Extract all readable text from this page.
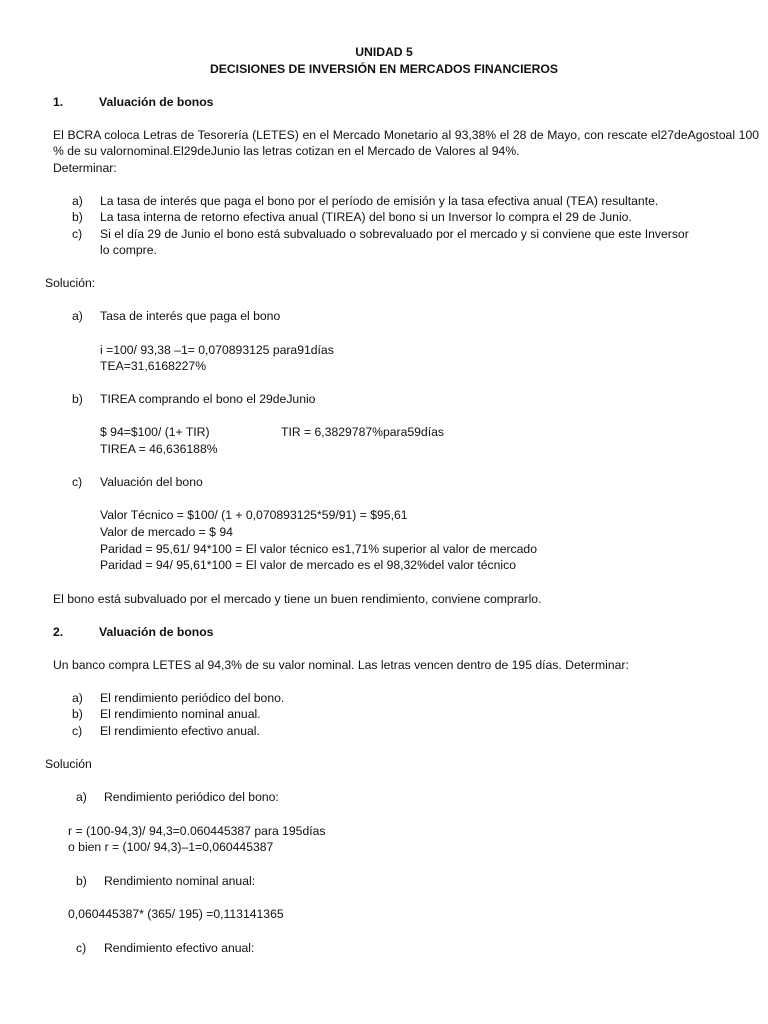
UNIDAD 5
DECISIONES DE INVERSIÓN EN MERCADOS FINANCIEROS
1.	Valuación de bonos
El BCRA coloca Letras de Tesorería (LETES) en el Mercado Monetario al 93,38% el 28 de Mayo, con rescate el27deAgostoal 100 % de su valornominal.El29deJunio las letras cotizan en el Mercado de Valores al 94%.
Determinar:
a) La tasa de interés que paga el bono por el período de emisión y la tasa efectiva anual (TEA) resultante.
b) La tasa interna de retorno efectiva anual (TIREA) del bono si un Inversor lo compra el 29 de Junio.
c) Si el día 29 de Junio el bono está subvaluado o sobrevaluado por el mercado y si conviene que este Inversor
lo compre.
Solución:
a) Tasa de interés que paga el bono
i =100/ 93,38 –1= 0,070893125 para91días
TEA=31,6168227%
b) TIREA comprando el bono el 29deJunio
$ 94=$100/ (1+ TIR)	TIR = 6,3829787%para59días
TIREA = 46,636188%
c) Valuación del bono
Valor Técnico = $100/ (1 + 0,070893125*59/91) = $95,61
Valor de mercado = $ 94
Paridad = 95,61/ 94*100 = El valor técnico es1,71% superior al valor de mercado
Paridad = 94/ 95,61*100 = El valor de mercado es el 98,32%del valor técnico
El bono está subvaluado por el mercado y tiene un buen rendimiento, conviene comprarlo.
2.	Valuación de bonos
Un banco compra LETES al 94,3% de su valor nominal. Las letras vencen dentro de 195 días. Determinar:
a) El rendimiento periódico del bono.
b) El rendimiento nominal anual.
c) El rendimiento efectivo anual.
Solución
a) Rendimiento periódico del bono:
r = (100-94,3)/ 94,3=0.060445387 para 195días
o bien r = (100/ 94,3)–1=0,060445387
b) Rendimiento nominal anual:
0,060445387* (365/ 195) =0,113141365
c) Rendimiento efectivo anual:
